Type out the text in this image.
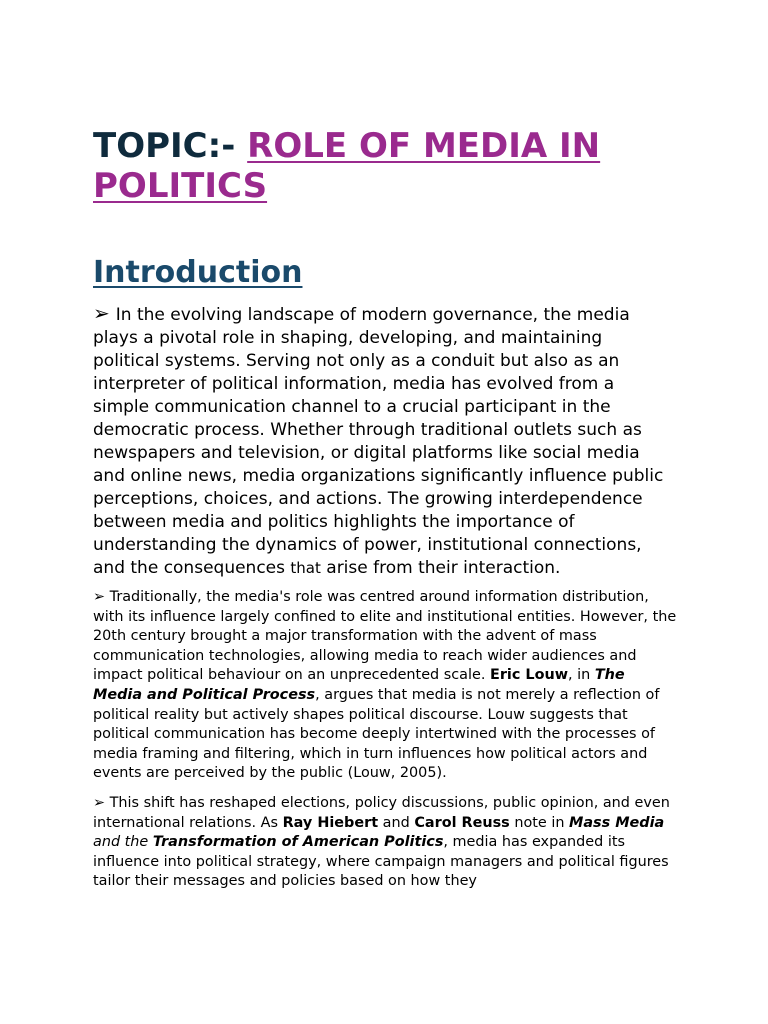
TOPIC:- ROLE OF MEDIA IN POLITICS
Introduction

➢ In the evolving landscape of modern governance, the media plays a pivotal role in shaping, developing, and maintaining political systems. Serving not only as a conduit but also as an interpreter of political information, media has evolved from a simple communication channel to a crucial participant in the democratic process. Whether through traditional outlets such as newspapers and television, or digital platforms like social media and online news, media organizations significantly influence public perceptions, choices, and actions. The growing interdependence between media and politics highlights the importance of understanding the dynamics of power, institutional connections, and the consequences that arise from their interaction.

➢ Traditionally, the media's role was centred around information distribution, with its influence largely confined to elite and institutional entities. However, the 20th century brought a major transformation with the advent of mass communication technologies, allowing media to reach wider audiences and impact political behaviour on an unprecedented scale. Eric Louw, in The Media and Political Process, argues that media is not merely a reflection of political reality but actively shapes political discourse. Louw suggests that political communication has become deeply intertwined with the processes of media framing and filtering, which in turn influences how political actors and events are perceived by the public (Louw, 2005).

➢ This shift has reshaped elections, policy discussions, public opinion, and even international relations. As Ray Hiebert and Carol Reuss note in Mass Media and the Transformation of American Politics, media has expanded its influence into political strategy, where campaign managers and political figures tailor their messages and policies based on how they
